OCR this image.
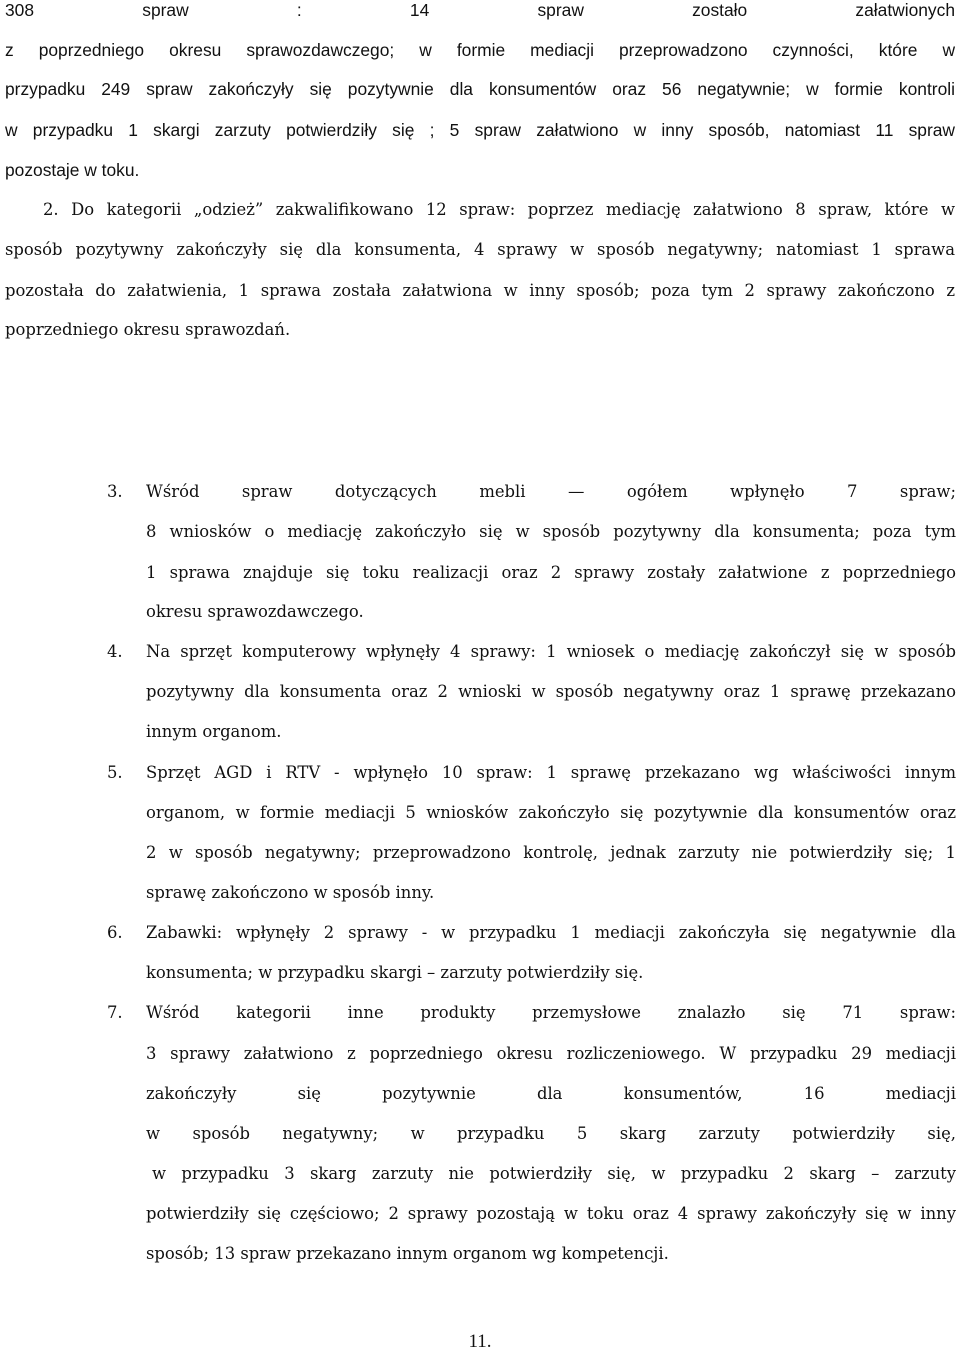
308 spraw : 14 spraw zostało załatwionych
z poprzedniego okresu sprawozdawczego; w formie mediacji przeprowadzono czynności, które w
przypadku 249 spraw zakończyły się pozytywnie dla konsumentów oraz 56 negatywnie; w formie kontroli
w przypadku 1 skargi zarzuty potwierdziły się ; 5 spraw załatwiono w inny sposób, natomiast 11 spraw
pozostaje w toku.
2. Do kategorii „odzież” zakwalifikowano 12 spraw: poprzez mediację załatwiono 8 spraw, które w
sposób pozytywny zakończyły się dla konsumenta, 4 sprawy w sposób negatywny; natomiast 1 sprawa
pozostała do załatwienia, 1 sprawa została załatwiona w inny sposób; poza tym 2 sprawy zakończono z
poprzedniego okresu sprawozdań.
3. Wśród spraw dotyczących mebli — ogółem wpłynęło 7 spraw;
8 wniosków o mediację zakończyło się w sposób pozytywny dla konsumenta; poza tym
1 sprawa znajduje się toku realizacji oraz 2 sprawy zostały załatwione z poprzedniego
okresu sprawozdawczego.
4. Na sprzęt komputerowy wpłynęły 4 sprawy: 1 wniosek o mediację zakończył się w sposób
pozytywny dla konsumenta oraz 2 wnioski w sposób negatywny oraz 1 sprawę przekazano
innym organom.
5. Sprzęt AGD i RTV - wpłynęło 10 spraw: 1 sprawę przekazano wg właściwości innym
organom, w formie mediacji 5 wniosków zakończyło się pozytywnie dla konsumentów oraz
2 w sposób negatywny; przeprowadzono kontrolę, jednak zarzuty nie potwierdziły się; 1
sprawę zakończono w sposób inny.
6. Zabawki: wpłynęły 2 sprawy - w przypadku 1 mediacji zakończyła się negatywnie dla
konsumenta; w przypadku skargi – zarzuty potwierdziły się.
7. Wśród kategorii inne produkty przemysłowe znalazło się 71 spraw:
3 sprawy załatwiono z poprzedniego okresu rozliczeniowego. W przypadku 29 mediacji
zakończyły się pozytywnie dla konsumentów, 16 mediacji
w sposób negatywny; w przypadku 5 skarg zarzuty potwierdziły się,
w przypadku 3 skarg zarzuty nie potwierdziły się, w przypadku 2 skarg – zarzuty
potwierdziły się częściowo; 2 sprawy pozostają w toku oraz 4 sprawy zakończyły się w inny
sposób; 13 spraw przekazano innym organom wg kompetencji.
11.
